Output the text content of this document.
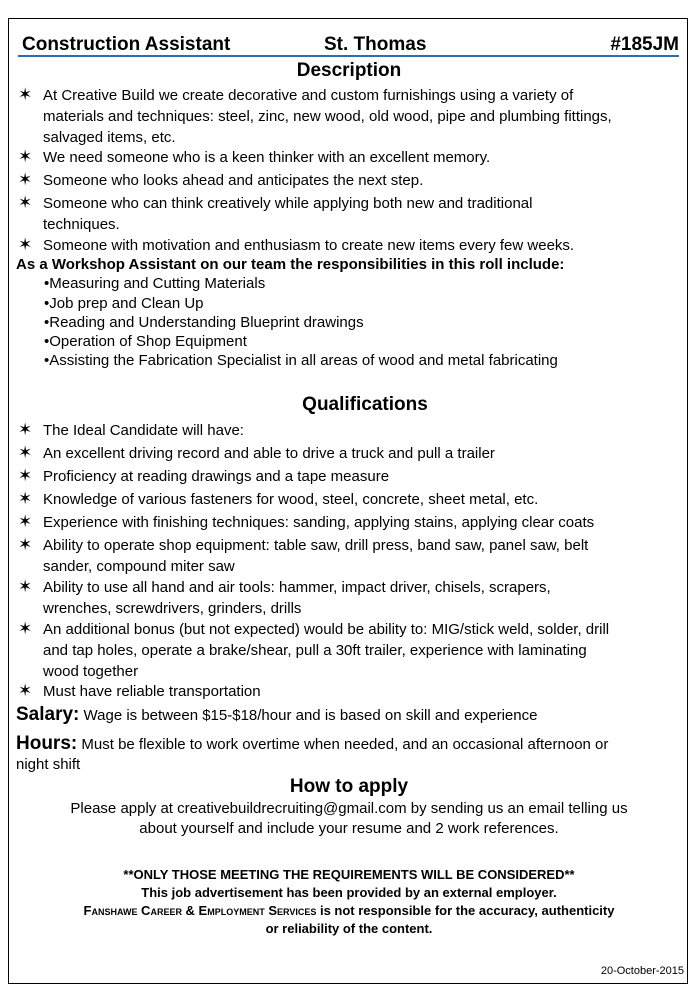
Construction Assistant	St. Thomas	#185JM
Description
✶ At Creative Build we create decorative and custom furnishings using a variety of
materials and techniques: steel, zinc, new wood, old wood, pipe and plumbing fittings,
salvaged items, etc.
✶ We need someone who is a keen thinker with an excellent memory.
✶ Someone who looks ahead and anticipates the next step.
✶ Someone who can think creatively while applying both new and traditional
techniques.
✶ Someone with motivation and enthusiasm to create new items every few weeks.
As a Workshop Assistant on our team the responsibilities in this roll include:
•Measuring and Cutting Materials
•Job prep and Clean Up
•Reading and Understanding Blueprint drawings
•Operation of Shop Equipment
•Assisting the Fabrication Specialist in all areas of wood and metal fabricating
Qualifications
✶ The Ideal Candidate will have:
✶ An excellent driving record and able to drive a truck and pull a trailer
✶ Proficiency at reading drawings and a tape measure
✶ Knowledge of various fasteners for wood, steel, concrete, sheet metal, etc.
✶ Experience with finishing techniques: sanding, applying stains, applying clear coats
✶ Ability to operate shop equipment: table saw, drill press, band saw, panel saw, belt
sander, compound miter saw
✶ Ability to use all hand and air tools: hammer, impact driver, chisels, scrapers,
wrenches, screwdrivers, grinders, drills
✶ An additional bonus (but not expected) would be ability to: MIG/stick weld, solder, drill
and tap holes, operate a brake/shear, pull a 30ft trailer, experience with laminating
wood together
✶ Must have reliable transportation
Salary: Wage is between $15-$18/hour and is based on skill and experience
Hours: Must be flexible to work overtime when needed, and an occasional afternoon or
night shift
How to apply
Please apply at creativebuildrecruiting@gmail.com by sending us an email telling us
about yourself and include your resume and 2 work references.
**ONLY THOSE MEETING THE REQUIREMENTS WILL BE CONSIDERED**
This job advertisement has been provided by an external employer.
Fanshawe Career & Employment Services is not responsible for the accuracy, authenticity
or reliability of the content.
20-October-2015
